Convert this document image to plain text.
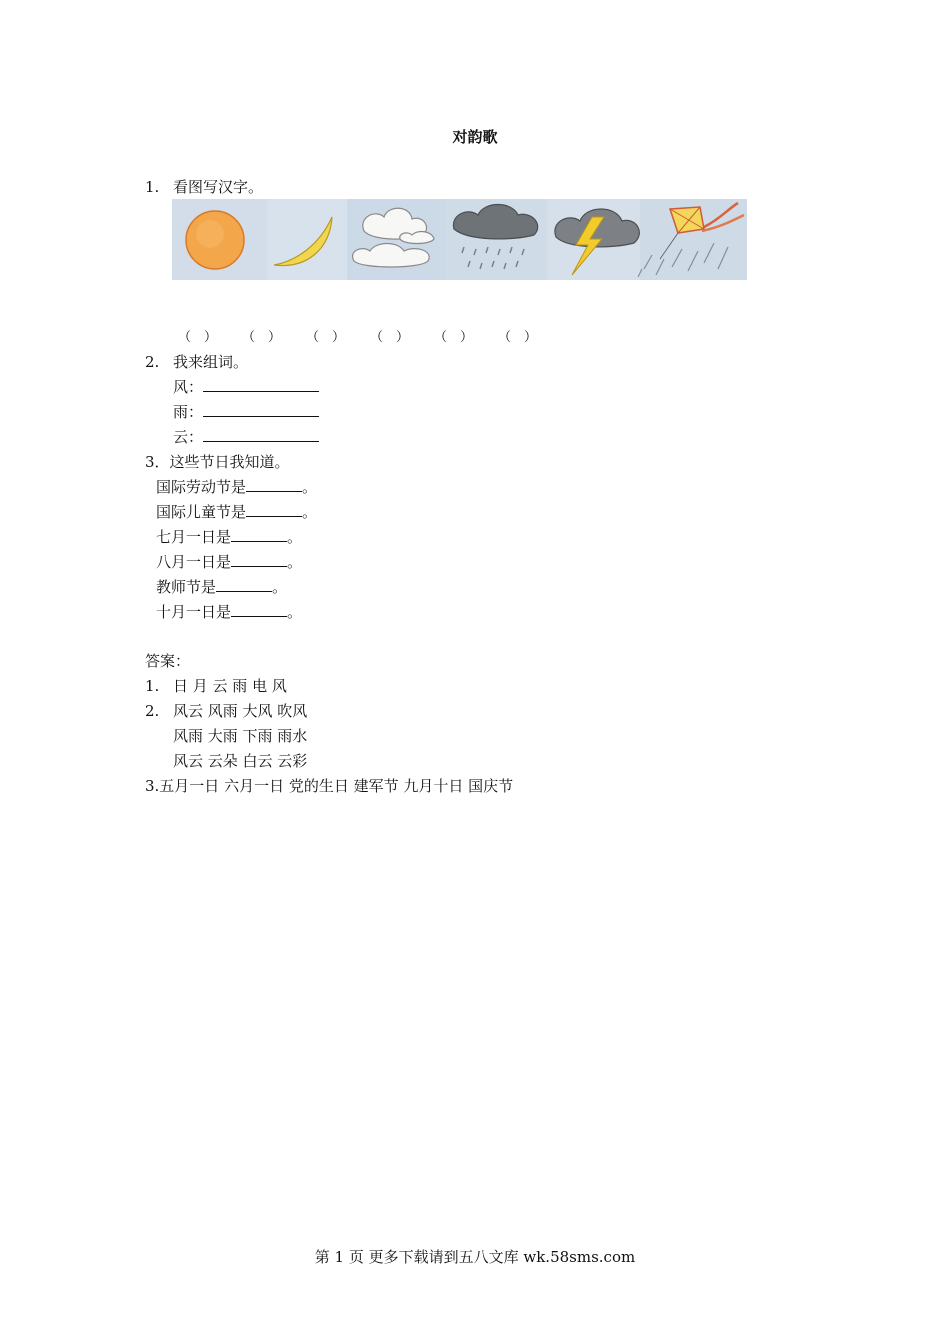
对韵歌
1. 看图写汉字。
（　） （　） （　） （　） （　） （　）
2. 我来组词。
风：
雨：
云：
3．这些节日我知道。
国际劳动节是	。
国际儿童节是	。
七月一日是	。
八月一日是	。
教师节是	。
十月一日是	。
答案：
1. 日 月 云 雨 电 风
2. 风云 风雨 大风 吹风
风雨 大雨 下雨 雨水
风云 云朵 白云 云彩
3.五月一日 六月一日 党的生日 建军节 九月十日 国庆节
第 1 页 更多下载请到五八文库 wk.58sms.com
